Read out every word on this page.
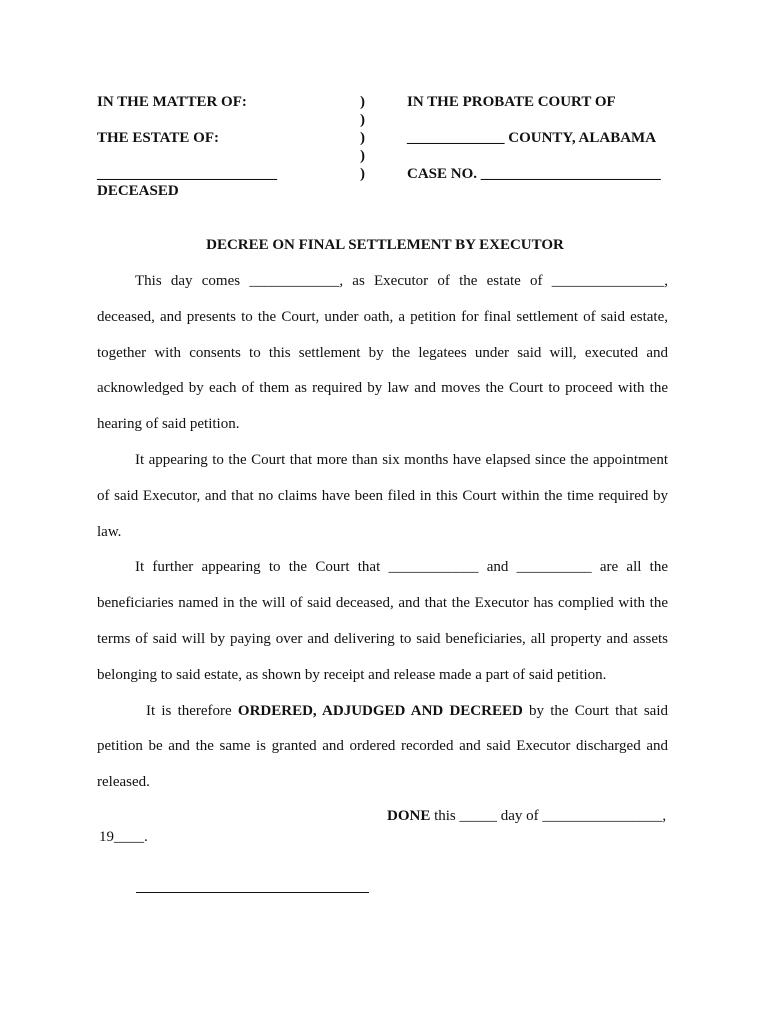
IN THE MATTER OF:
THE ESTATE OF:
________________________
DECEASED
)
)
)
)
)
IN THE PROBATE COURT OF
_____________ COUNTY, ALABAMA
CASE NO. ________________________
DECREE ON FINAL SETTLEMENT BY EXECUTOR

This day comes ____________, as Executor of the estate of _______________, deceased, and presents to the Court, under oath, a petition for final settlement of said estate, together with consents to this settlement by the legatees under said will, executed and acknowledged by each of them as required by law and moves the Court to proceed with the hearing of said petition.

It appearing to the Court that more than six months have elapsed since the appointment of said Executor, and that no claims have been filed in this Court within the time required by law.

It further appearing to the Court that ____________ and __________ are all the beneficiaries named in the will of said deceased, and that the Executor has complied with the terms of said will by paying over and delivering to said beneficiaries, all property and assets belonging to said estate, as shown by receipt and release made a part of said petition.

It is therefore ORDERED, ADJUDGED AND DECREED by the Court that said petition be and the same is granted and ordered recorded and said Executor discharged and released.

DONE this _____ day of ________________,
19____.
